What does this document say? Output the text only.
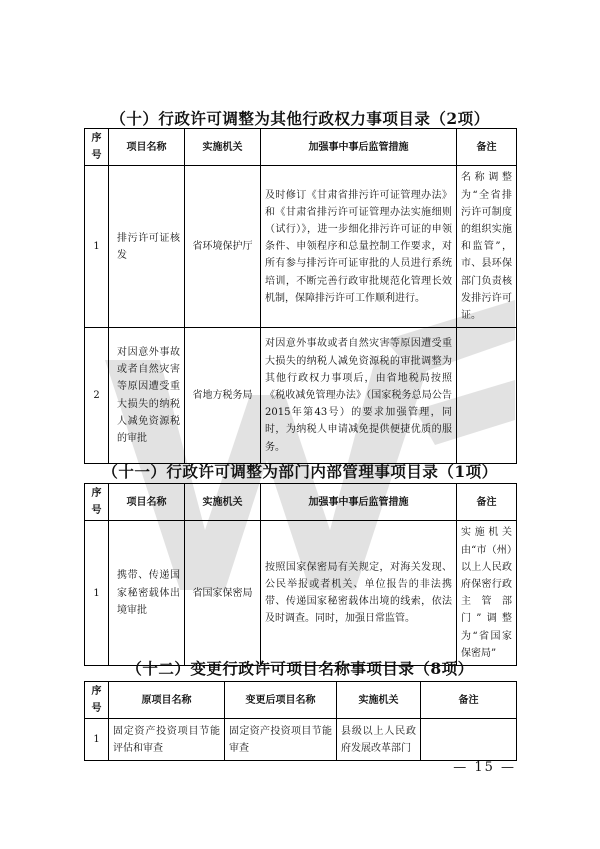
（十）行政许可调整为其他行政权力事项目录（2项）
序号	项目名称	实施机关	加强事中事后监管措施	备注
1	排污许可证核发	省环境保护厅	及时修订《甘肃省排污许可证管理办法》和《甘肃省排污许可证管理办法实施细则（试行）》，进一步细化排污许可证的申领条件、申领程序和总量控制工作要求，对所有参与排污许可证审批的人员进行系统培训，不断完善行政审批规范化管理长效机制，保障排污许可工作顺利进行。	名称调整为“全省排污许可制度的组织实施和监管”，市、县环保部门负责核发排污许可证。
2	对因意外事故或者自然灾害等原因遭受重大损失的纳税人减免资源税的审批	省地方税务局	对因意外事故或者自然灾害等原因遭受重大损失的纳税人减免资源税的审批调整为其他行政权力事项后，由省地税局按照《税收减免管理办法》（国家税务总局公告2015年第43号）的要求加强管理，同时，为纳税人申请减免提供便捷优质的服务。	
（十一）行政许可调整为部门内部管理事项目录（1项）
序号	项目名称	实施机关	加强事中事后监管措施	备注
1	携带、传递国家秘密载体出境审批	省国家保密局	按照国家保密局有关规定，对海关发现、公民举报或者机关、单位报告的非法携带、传递国家秘密载体出境的线索，依法及时调查。同时，加强日常监管。	实施机关由“市（州）以上人民政府保密行政主管部门”调整为“省国家保密局”
（十二）变更行政许可项目名称事项目录（8项）
序号	原项目名称	变更后项目名称	实施机关	备注
1	固定资产投资项目节能评估和审查	固定资产投资项目节能审查	县级以上人民政府发展改革部门	
— 15 —
